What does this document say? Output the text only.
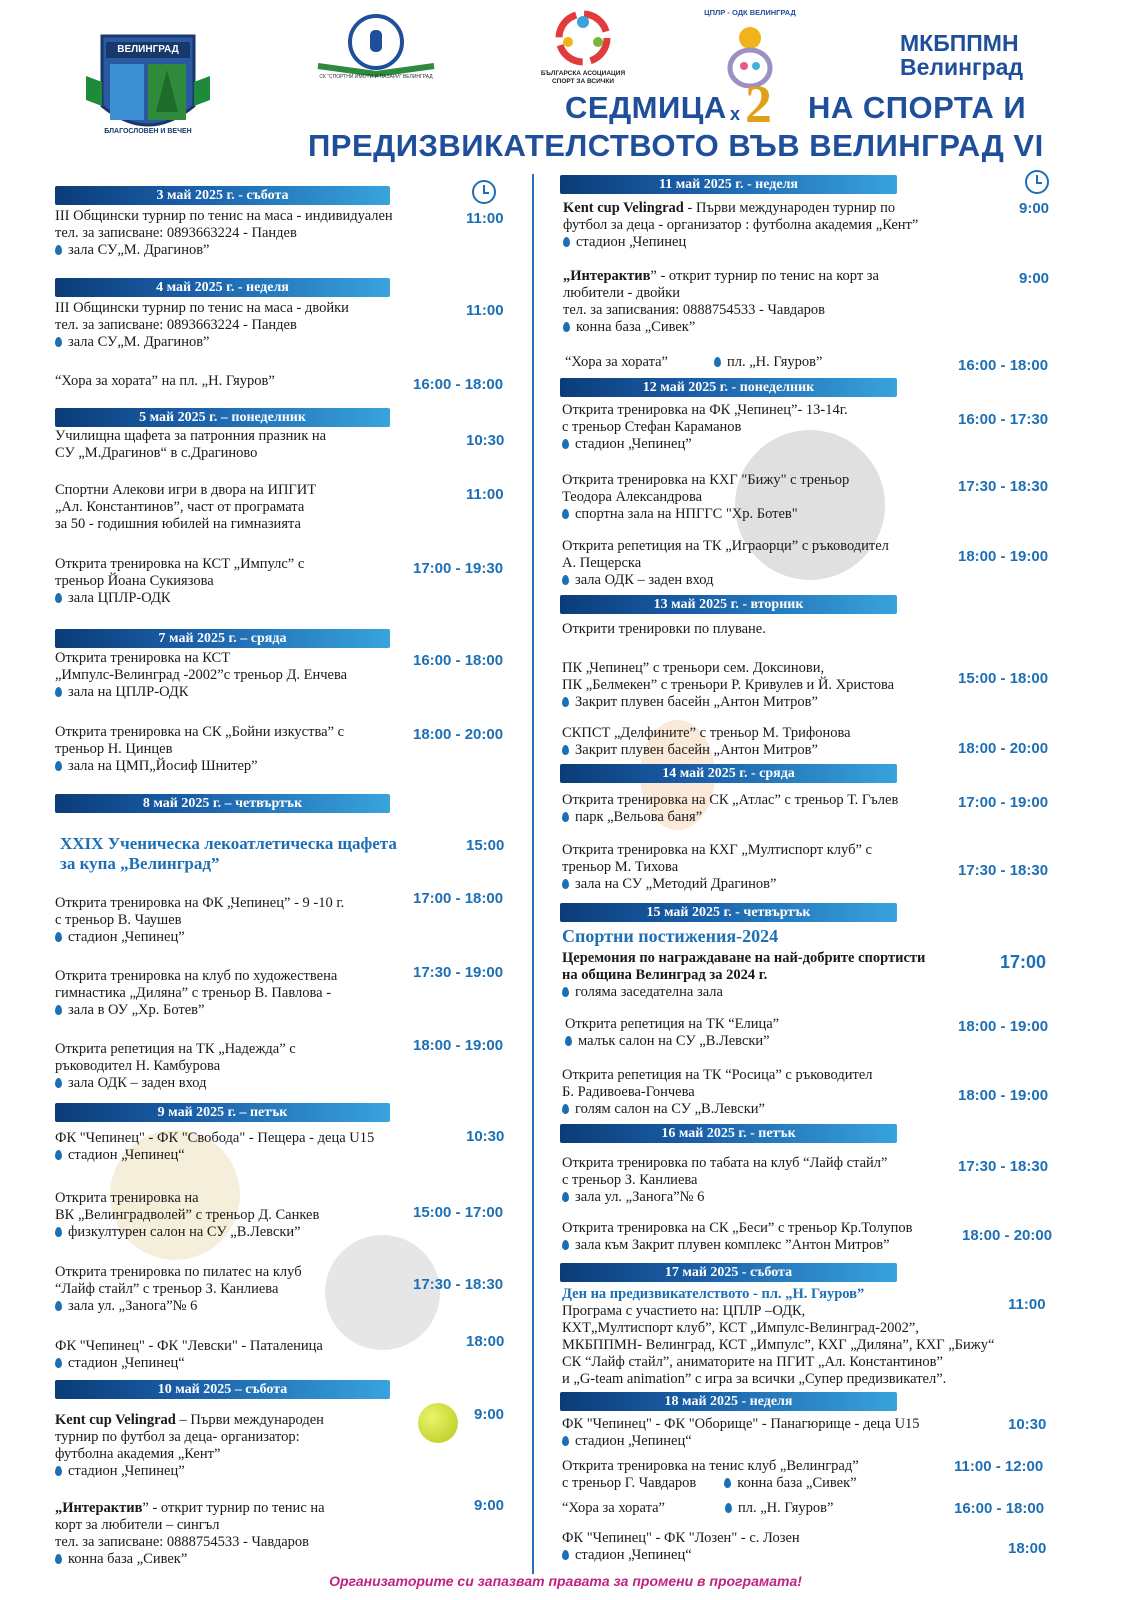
ВЕЛИНГРАД
БЛАГОСЛОВЕН И ВЕЧЕН
СК "СПОРТНИ ИМОТИ И ПАЗАРИ" ВЕЛИНГРАД	БЪЛГАРСКА АСОЦИАЦИЯ СПОРТ ЗА ВСИЧКИ
ЦПЛР - ОДК ВЕЛИНГРАД
МКБППМН
Велинград
СЕДМИЦА x 2 НА СПОРТА И
ПРЕДИЗВИКАТЕЛСТВОТО ВЪВ ВЕЛИНГРАД VI
3 май 2025 г. - събота
III Общински турнир по тенис на маса - индивидуален
тел. за записване: 0893663224 - Пандев
зала СУ„М. Драгинов”
11:00
4 май 2025 г. - неделя
III Общински турнир по тенис на маса - двойки
тел. за записване: 0893663224 - Пандев
зала СУ„М. Драгинов”
11:00
“Хора за хората” на пл. „Н. Гяуров”	16:00 - 18:00
5 май 2025 г. – понеделник
Училищна щафета за патронния празник на
СУ „М.Драгинов“ в с.Драгиново
10:30
Спортни Алекови игри в двора на ИПГИТ
„Ал. Константинов”, част от програмата
за 50 - годишния юбилей на гимназията
11:00
Открита тренировка на КСТ „Импулс” с
треньор Йоана Сукиязова
зала ЦПЛР-ОДК
17:00 - 19:30
7 май 2025 г. – сряда
Открита тренировка на КСТ
„Импулс-Велинград -2002”с треньор Д. Енчева
зала на ЦПЛР-ОДК
16:00 - 18:00
Открита тренировка на СК „Бойни изкуства” с
треньор Н. Цинцев
зала на ЦМП„Йосиф Шнитер”
18:00 - 20:00
8 май 2025 г. – четвъртък
XXIX Ученическа лекоатлетическа щафета
за купа „Велинград”
15:00
Открита тренировка на ФК „Чепинец” - 9 -10 г.
с треньор В. Чаушев
стадион „Чепинец”
17:00 - 18:00
Открита тренировка на клуб по художествена
гимнастика „Диляна” с треньор В. Павлова -
зала в ОУ „Хр. Ботев”
17:30 - 19:00
Открита репетиция на ТК „Надежда” с
ръководител Н. Камбурова
зала ОДК – заден вход
18:00 - 19:00
9 май 2025 г. – петък
ФК "Чепинец" - ФК "Свобода" - Пещера - деца U15
стадион „Чепинец“
10:30
Открита тренировка на
ВК „Велинградволей” с треньор Д. Санкев
физкултурен салон на СУ „В.Левски”
15:00 - 17:00
Открита тренировка по пилатес на клуб
“Лайф стайл” с треньор З. Канлиева
зала ул. „Занога”№ 6
17:30 - 18:30
ФК "Чепинец" - ФК "Левски" - Паталеница
стадион „Чепинец“
18:00
10 май 2025 – събота
Kent cup Velingrad – Първи международен
турнир по футбол за деца- организатор:
футболна академия „Кент”
стадион „Чепинец”
9:00
„Интерактив” - открит турнир по тенис на
корт за любители – сингъл
тел. за записване: 0888754533 - Чавдаров
конна база „Сивек”
9:00
11 май 2025 г. - неделя
Kent cup Velingrad - Първи международен турнир по
футбол за деца - организатор : футболна академия „Кент”
стадион „Чепинец
9:00
„Интерактив” - открит турнир по тенис на корт за
любители - двойки
тел. за записвания: 0888754533 - Чавдаров
конна база „Сивек”
9:00
“Хора за хората”	пл. „Н. Гяуров”	16:00 - 18:00
12 май 2025 г. - понеделник
Открита тренировка на ФК „Чепинец”- 13-14г.
с треньор Стефан Караманов
стадион „Чепинец”
16:00 - 17:30
Открита тренировка на КХГ "Бижу" с треньор
Теодора Александрова
спортна зала на НПГГС "Хр. Ботев"
17:30 - 18:30
Открита репетиция на ТК „Играорци” с ръководител
А. Пещерска
зала ОДК – заден вход
18:00 - 19:00
13 май 2025 г. - вторник
Открити тренировки по плуване.
ПК „Чепинец” с треньори сем. Доксинови,
ПК „Белмекен” с треньори Р. Кривулев и Й. Христова
Закрит плувен басейн „Антон Митров”
15:00 - 18:00
СКПСТ „Делфините” с треньор М. Трифонова
Закрит плувен басейн „Антон Митров”	18:00 - 20:00
14 май 2025 г. - сряда
Открита тренировка на СК „Атлас” с треньор Т. Гълев
парк „Вельова баня”
17:00 - 19:00
Открита тренировка на КХГ „Мултиспорт клуб” с
треньор М. Тихова
зала на СУ „Методий Драгинов”
17:30 - 18:30
15 май 2025 г. - четвъртък
Спортни постижения-2024
Церемония по награждаване на най-добрите спортисти
на община Велинград за 2024 г.
голяма заседателна зала
17:00
Открита репетиция на ТК “Елица”
малък салон на СУ „В.Левски”
18:00 - 19:00
Открита репетиция на ТК “Росица” с ръководител
Б. Радивоева-Гончева
голям салон на СУ „В.Левски”
18:00 - 19:00
16 май 2025 г. - петък
Открита тренировка по табата на клуб “Лайф стайл”
с треньор З. Канлиева
зала ул. „Занога”№ 6
17:30 - 18:30
Открита тренировка на СК „Беси” с треньор Кр.Толупов
зала към Закрит плувен комплекс ”Антон Митров”
18:00 - 20:00
17 май 2025 - събота
Ден на предизвикателството - пл. „Н. Гяуров”
Програма с участието на: ЦПЛР –ОДК,
КХТ„Мултиспорт клуб”, КСТ „Импулс-Велинград-2002”,
МКБППМН- Велинград, КСТ „Импулс”, КХГ „Диляна”, КХГ „Бижу“
СК “Лайф стайл”, аниматорите на ПГИТ „Ал. Константинов”
и „G-team animation” с игра за всички „Супер предизвикател”.
11:00
18 май 2025 - неделя
ФК "Чепинец" - ФК "Оборище" - Панагюрище - деца U15
стадион „Чепинец“
10:30
Открита тренировка на тенис клуб „Велинград”
с треньор Г. Чавдаров	конна база „Сивек”
11:00 - 12:00
“Хора за хората”	пл. „Н. Гяуров”	16:00 - 18:00
ФК "Чепинец" - ФК "Лозен" - с. Лозен
стадион „Чепинец“	18:00
Организаторите си запазват правата за промени в програмата!
